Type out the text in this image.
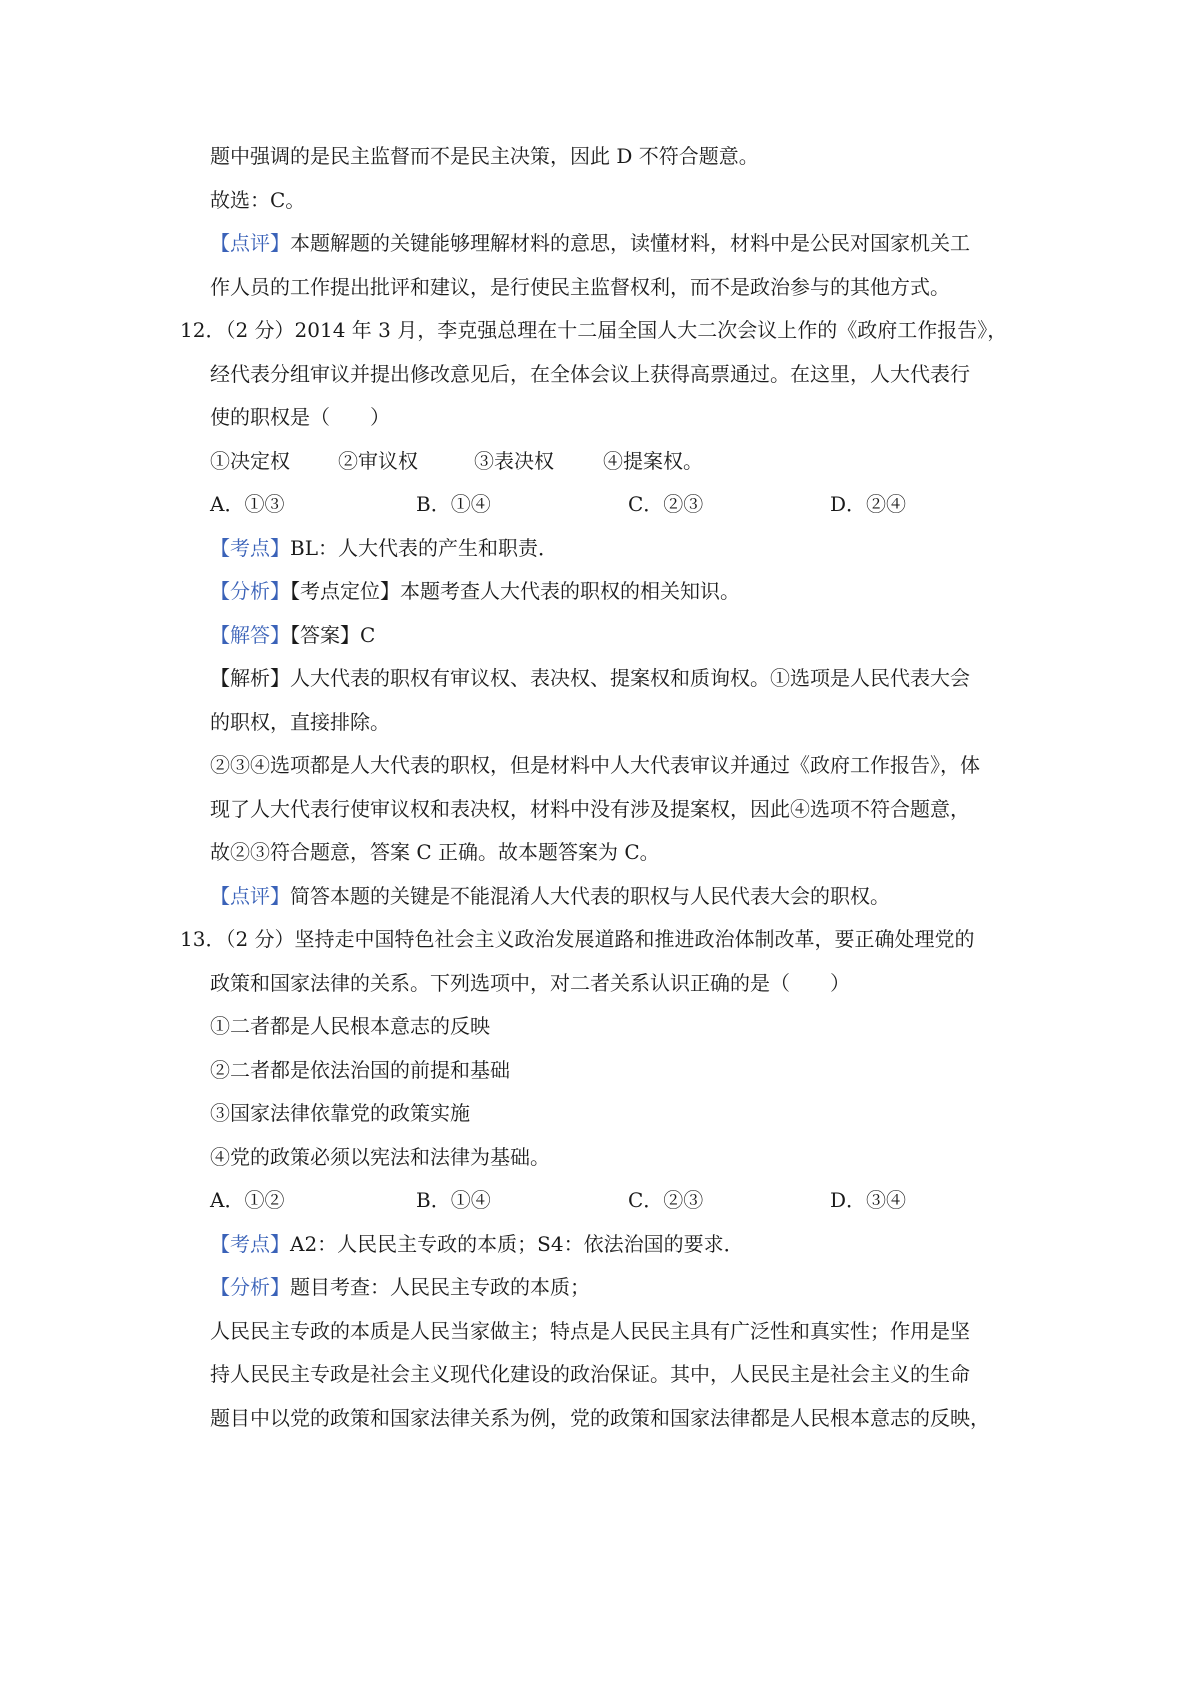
题中强调的是民主监督而不是民主决策，因此 D 不符合题意。
故选：C。
【点评】本题解题的关键能够理解材料的意思，读懂材料，材料中是公民对国家机关工
作人员的工作提出批评和建议，是行使民主监督权利，而不是政治参与的其他方式。
12．（2 分）2014 年 3 月，李克强总理在十二届全国人大二次会议上作的《政府工作报告》，
经代表分组审议并提出修改意见后，在全体会议上获得高票通过。在这里，人大代表行
使的职权是（　　）
①决定权 ②审议权	③表决权 ④提案权。
A．①③	B．①④	C．②③	D．②④
【考点】BL：人大代表的产生和职责．
【分析】【考点定位】本题考查人大代表的职权的相关知识。
【解答】【答案】C
【解析】人大代表的职权有审议权、表决权、提案权和质询权。①选项是人民代表大会
的职权，直接排除。
②③④选项都是人大代表的职权，但是材料中人大代表审议并通过《政府工作报告》，体
现了人大代表行使审议权和表决权，材料中没有涉及提案权，因此④选项不符合题意，
故②③符合题意，答案 C 正确。故本题答案为 C。
【点评】简答本题的关键是不能混淆人大代表的职权与人民代表大会的职权。
13．（2 分）坚持走中国特色社会主义政治发展道路和推进政治体制改革，要正确处理党的
政策和国家法律的关系。下列选项中，对二者关系认识正确的是（　　）
①二者都是人民根本意志的反映
②二者都是依法治国的前提和基础
③国家法律依靠党的政策实施
④党的政策必须以宪法和法律为基础。
A．①②	B．①④	C．②③	D．③④
【考点】A2：人民民主专政的本质；S4：依法治国的要求．
【分析】题目考查：人民民主专政的本质；
人民民主专政的本质是人民当家做主；特点是人民民主具有广泛性和真实性；作用是坚
持人民民主专政是社会主义现代化建设的政治保证。其中，人民民主是社会主义的生命
题目中以党的政策和国家法律关系为例，党的政策和国家法律都是人民根本意志的反映，
